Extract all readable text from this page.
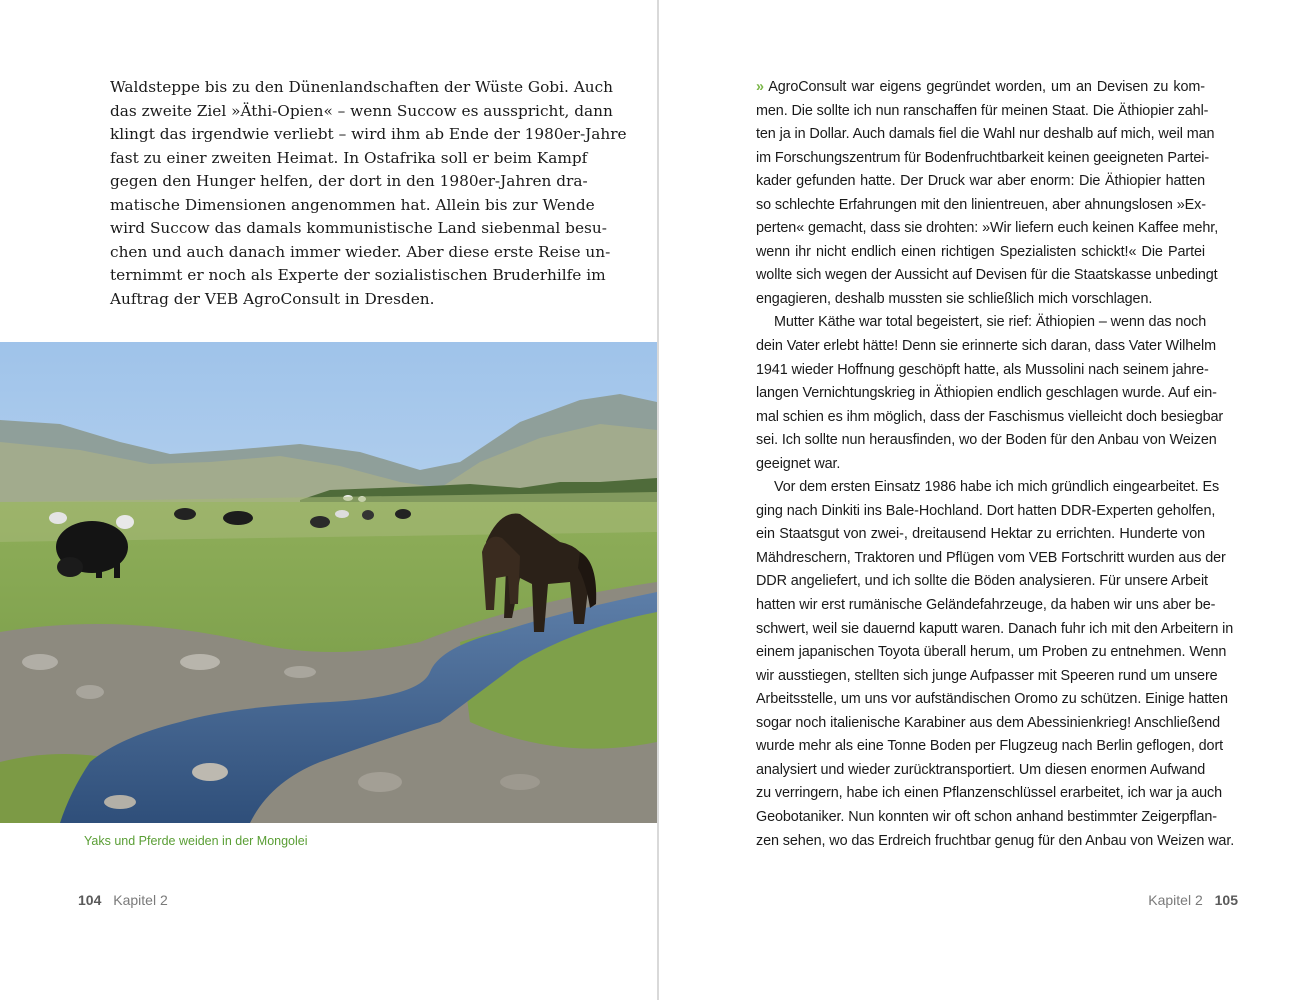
Waldsteppe bis zu den Dünenlandschaften der Wüste Gobi. Auch
das zweite Ziel »Äthi-Opien« – wenn Succow es ausspricht, dann
klingt das irgendwie verliebt – wird ihm ab Ende der 1980er-Jahre
fast zu einer zweiten Heimat. In Ostafrika soll er beim Kampf
gegen den Hunger helfen, der dort in den 1980er-Jahren dra-
matische Dimensionen angenommen hat. Allein bis zur Wende
wird Succow das damals kommunistische Land siebenmal besu-
chen und auch danach immer wieder. Aber diese erste Reise un-
ternimmt er noch als Experte der sozialistischen Bruderhilfe im
Auftrag der VEB AgroConsult in Dresden.

Yaks und Pferde weiden in der Mongolei

104 Kapitel 2
» AgroConsult war eigens gegründet worden, um an Devisen zu kom-
men. Die sollte ich nun ranschaffen für meinen Staat. Die Äthiopier zahl-
ten ja in Dollar. Auch damals fiel die Wahl nur deshalb auf mich, weil man
im Forschungszentrum für Bodenfruchtbarkeit keinen geeigneten Partei-
kader gefunden hatte. Der Druck war aber enorm: Die Äthiopier hatten
so schlechte Erfahrungen mit den linientreuen, aber ahnungslosen »Ex-
perten« gemacht, dass sie drohten: »Wir liefern euch keinen Kaffee mehr,
wenn ihr nicht endlich einen richtigen Spezialisten schickt!« Die Partei
wollte sich wegen der Aussicht auf Devisen für die Staatskasse unbedingt
engagieren, deshalb mussten sie schließlich mich vorschlagen.
Mutter Käthe war total begeistert, sie rief: Äthiopien – wenn das noch
dein Vater erlebt hätte! Denn sie erinnerte sich daran, dass Vater Wilhelm
1941 wieder Hoffnung geschöpft hatte, als Mussolini nach seinem jahre-
langen Vernichtungskrieg in Äthiopien endlich geschlagen wurde. Auf ein-
mal schien es ihm möglich, dass der Faschismus vielleicht doch besiegbar
sei. Ich sollte nun herausfinden, wo der Boden für den Anbau von Weizen
geeignet war.
Vor dem ersten Einsatz 1986 habe ich mich gründlich eingearbeitet. Es
ging nach Dinkiti ins Bale-Hochland. Dort hatten DDR-Experten geholfen,
ein Staatsgut von zwei-, dreitausend Hektar zu errichten. Hunderte von
Mähdreschern, Traktoren und Pflügen vom VEB Fortschritt wurden aus der
DDR angeliefert, und ich sollte die Böden analysieren. Für unsere Arbeit
hatten wir erst rumänische Geländefahrzeuge, da haben wir uns aber be-
schwert, weil sie dauernd kaputt waren. Danach fuhr ich mit den Arbeitern in
einem japanischen Toyota überall herum, um Proben zu entnehmen. Wenn
wir ausstiegen, stellten sich junge Aufpasser mit Speeren rund um unsere
Arbeitsstelle, um uns vor aufständischen Oromo zu schützen. Einige hatten
sogar noch italienische Karabiner aus dem Abessinienkrieg! Anschließend
wurde mehr als eine Tonne Boden per Flugzeug nach Berlin geflogen, dort
analysiert und wieder zurücktransportiert. Um diesen enormen Aufwand
zu verringern, habe ich einen Pflanzenschlüssel erarbeitet, ich war ja auch
Geobotaniker. Nun konnten wir oft schon anhand bestimmter Zeigerpflan-
zen sehen, wo das Erdreich fruchtbar genug für den Anbau von Weizen war.
Kapitel 2 105
